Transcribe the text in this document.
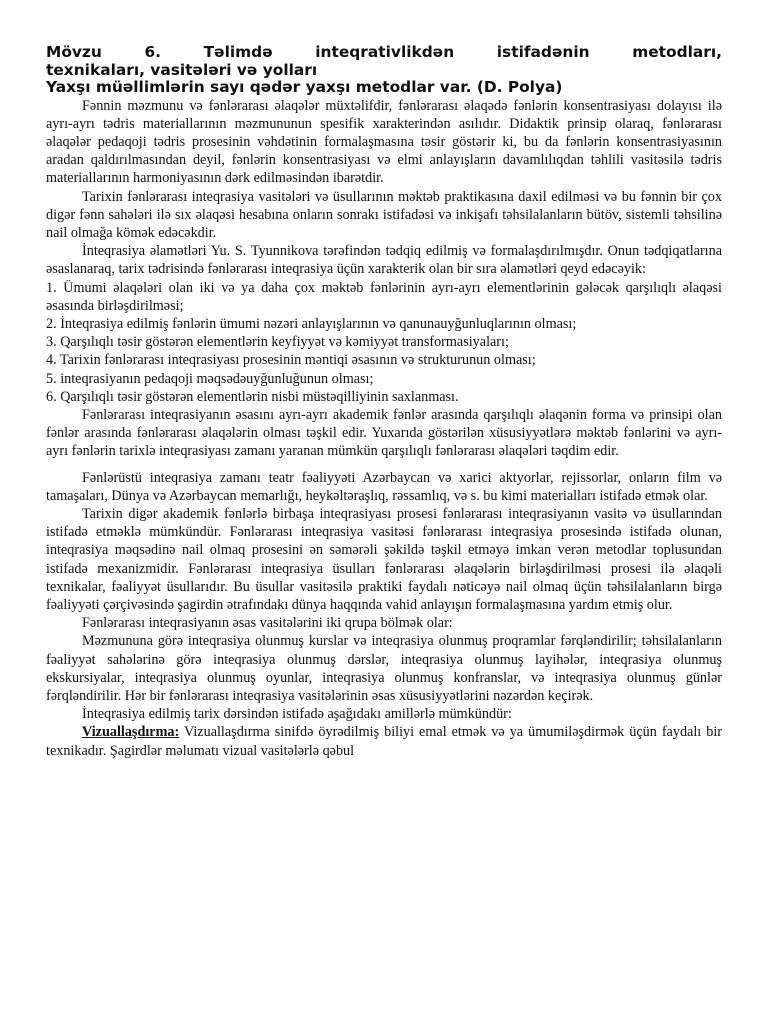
Mövzu 6. Təlimdə inteqrativlikdən istifadənin metodları,
texnikaları, vasitələri və yolları
Yaxşı müəllimlərin sayı qədər yaxşı metodlar var. (D. Polya)

Fənnin məzmunu və fənlərarası əlaqələr müxtəlifdir, fənlərarası əlaqədə fənlərin konsentrasiyası dolayısı ilə ayrı-ayrı tədris materiallarının məzmununun spesifik xarakterindən asılıdır. Didaktik prinsip olaraq, fənlərarası əlaqələr pedaqoji tədris prosesinin vəhdətinin formalaşmasına təsir göstərir ki, bu da fənlərin konsentrasiyasının aradan qaldırılmasından deyil, fənlərin konsentrasiyası və elmi anlayışların davamlılıqdan təhlili vasitəsilə tədris materiallarının harmoniyasının dərk edilməsindən ibarətdir.

Tarixin fənlərarası inteqrasiya vasitələri və üsullarının məktəb praktikasına daxil edilməsi və bu fənnin bir çox digər fənn sahələri ilə sıx əlaqəsi hesabına onların sonrakı istifadəsi və inkişafı təhsilalanların bütöv, sistemli təhsilinə nail olmağa kömək edəcəkdir.

İnteqrasiya əlamətləri Yu. S. Tyunnikova tərəfindən tədqiq edilmiş və formalaşdırılmışdır. Onun tədqiqatlarına əsaslanaraq, tarix tədrisində fənlərarası inteqrasiya üçün xarakterik olan bir sıra əlamətləri qeyd edəcəyik:

1. Ümumi əlaqələri olan iki və ya daha çox məktəb fənlərinin ayrı-ayrı elementlərinin gələcək qarşılıqlı əlaqəsi əsasında birləşdirilməsi;

2. İnteqrasiya edilmiş fənlərin ümumi nəzəri anlayışlarının və qanunauyğunluqlarının olması;

3. Qarşılıqlı təsir göstərən elementlərin keyfiyyət və kəmiyyət transformasiyaları;

4. Tarixin fənlərarası inteqrasiyası prosesinin məntiqi əsasının və strukturunun olması;

5. inteqrasiyanın pedaqoji məqsədəuyğunluğunun olması;

6. Qarşılıqlı təsir göstərən elementlərin nisbi müstəqilliyinin saxlanması.

Fənlərarası inteqrasiyanın əsasını ayrı-ayrı akademik fənlər arasında qarşılıqlı əlaqənin forma və prinsipi olan fənlər arasında fənlərarası əlaqələrin olması təşkil edir. Yuxarıda göstərilən xüsusiyyətlərə məktəb fənlərini və ayrı-ayrı fənlərin tarixlə inteqrasiyası zamanı yaranan mümkün qarşılıqlı fənlərarası əlaqələri təqdim edir.

Fənlərüstü inteqrasiya zamanı teatr fəaliyyəti Azərbaycan və xarici aktyorlar, rejissorlar, onların film və tamaşaları, Dünya və Azərbaycan memarlığı, heykəltəraşlıq, rəssamlıq, və s. bu kimi materialları istifadə etmək olar.

Tarixin digər akademik fənlərlə birbaşa inteqrasiyası prosesi fənlərarası inteqrasiyanın vasitə və üsullarından istifadə etməklə mümkündür. Fənlərarası inteqrasiya vasitəsi fənlərarası inteqrasiya prosesində istifadə olunan, inteqrasiya məqsədinə nail olmaq prosesini ən səmərəli şəkildə təşkil etməyə imkan verən metodlar toplusundan istifadə mexanizmidir. Fənlərarası inteqrasiya üsulları fənlərarası əlaqələrin birləşdirilməsi prosesi ilə əlaqəli texnikalar, fəaliyyət üsullarıdır. Bu üsullar vasitəsilə praktiki faydalı nəticəyə nail olmaq üçün təhsilalanların birgə fəaliyyəti çərçivəsində şagirdin ətrafındakı dünya haqqında vahid anlayışın formalaşmasına yardım etmiş olur.

Fənlərarası inteqrasiyanın əsas vasitələrini iki qrupa bölmək olar:

Məzmununa görə inteqrasiya olunmuş kurslar və inteqrasiya olunmuş proqramlar fərqləndirilir; təhsilalanların fəaliyyət sahələrinə görə inteqrasiya olunmuş dərslər, inteqrasiya olunmuş layihələr, inteqrasiya olunmuş ekskursiyalar, inteqrasiya olunmuş oyunlar, inteqrasiya olunmuş konfranslar, və inteqrasiya olunmuş günlər fərqləndirilir. Hər bir fənlərarası inteqrasiya vasitələrinin əsas xüsusiyyətlərini nəzərdən keçirək.

İnteqrasiya edilmiş tarix dərsindən istifadə aşağıdakı amillərlə mümkündür:

Vizuallaşdırma: Vizuallaşdırma sinifdə öyrədilmiş biliyi emal etmək və ya ümumiləşdirmək üçün faydalı bir texnikadır. Şagirdlər məlumatı vizual vasitələrlə qəbul
